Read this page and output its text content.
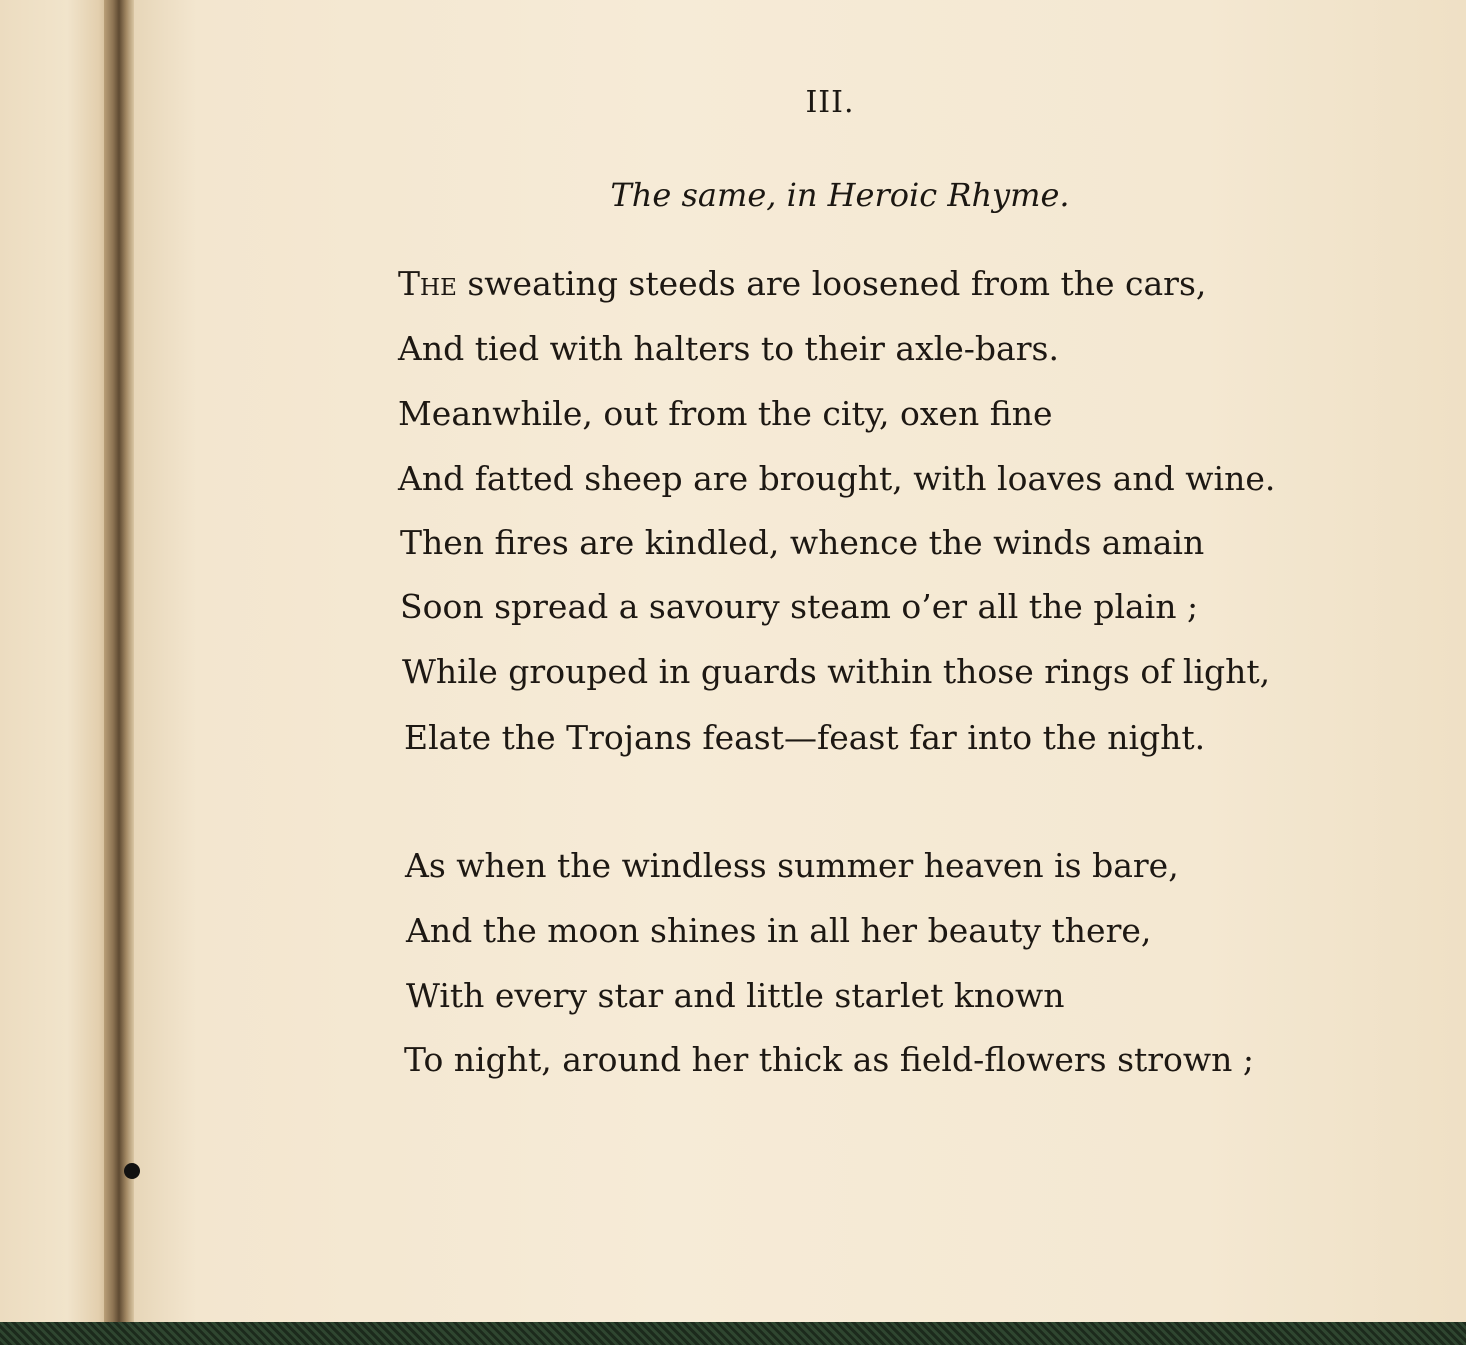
III.
The same, in Heroic Rhyme.
The sweating steeds are loosened from the cars,
And tied with halters to their axle-bars.
Meanwhile, out from the city, oxen fine
And fatted sheep are brought, with loaves and wine.
Then fires are kindled, whence the winds amain
Soon spread a savoury steam o’er all the plain ;
While grouped in guards within those rings of light,
Elate the Trojans feast—feast far into the night.
As when the windless summer heaven is bare,
And the moon shines in all her beauty there,
With every star and little starlet known
To night, around her thick as field-flowers strown ;
